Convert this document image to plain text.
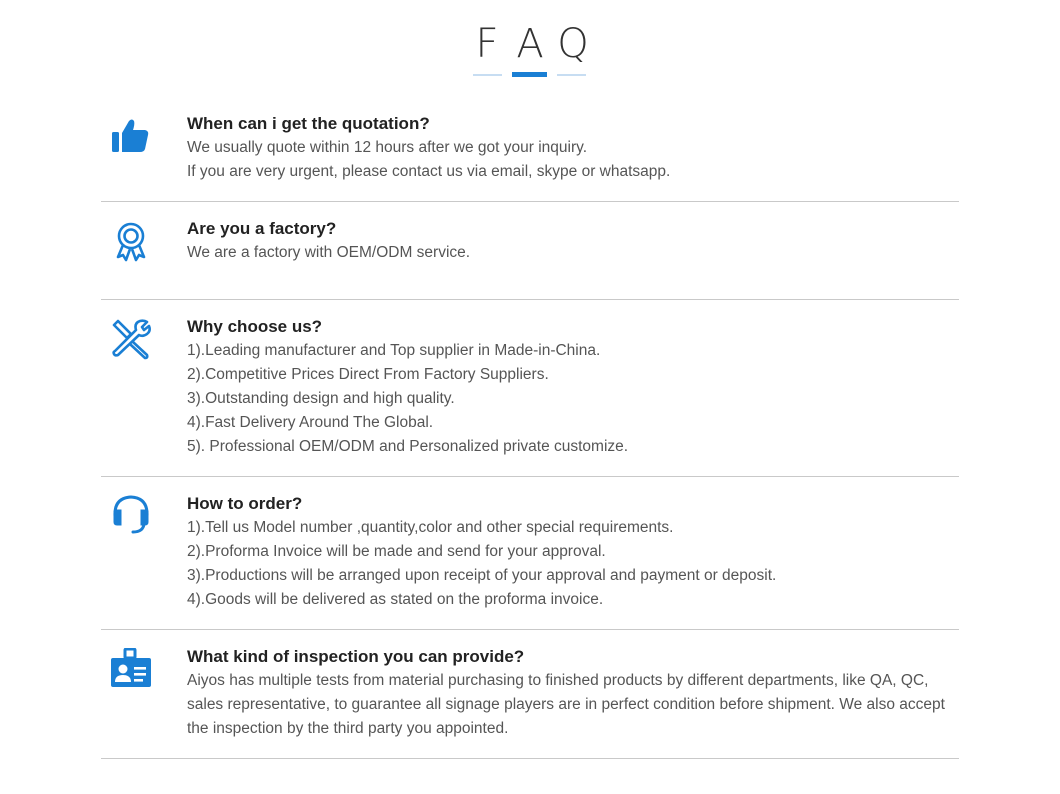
F A Q

When can i get the quotation?

We usually quote within 12 hours after we got your inquiry.

If you are very urgent, please contact us via email, skype or whatsapp.

Are you a factory?

We are a factory with OEM/ODM service.

Why choose us?

1).Leading manufacturer and Top supplier in Made-in-China.

2).Competitive Prices Direct From Factory Suppliers.

3).Outstanding design and high quality.

4).Fast Delivery Around The Global.

5). Professional OEM/ODM and Personalized private customize.

How to order?

1).Tell us Model number ,quantity,color and other special requirements.

2).Proforma Invoice will be made and send for your approval.

3).Productions will be arranged upon receipt of your approval and payment or deposit.

4).Goods will be delivered as stated on the proforma invoice.

What kind of inspection you can provide?

Aiyos has multiple tests from material purchasing to finished products by different departments, like QA, QC, sales representative, to guarantee all signage players are in perfect condition before shipment. We also accept the inspection by the third party you appointed.
